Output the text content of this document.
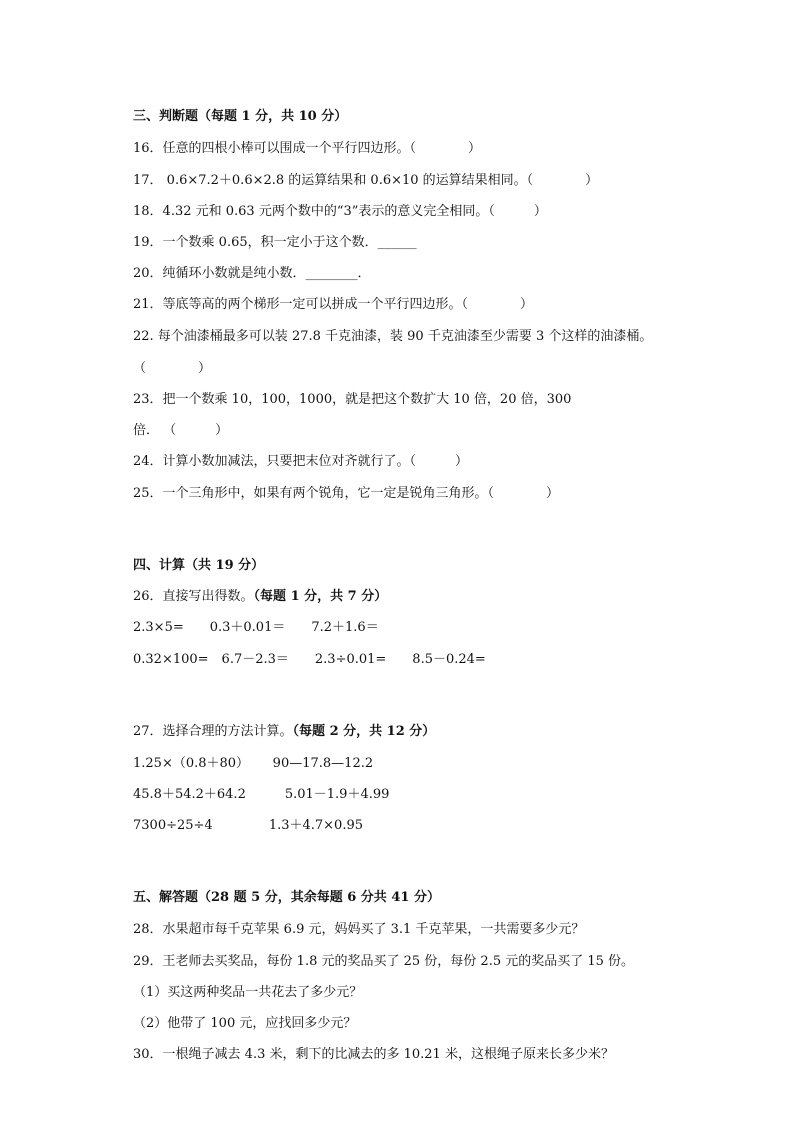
三、判断题（每题 1 分，共 10 分）
16．任意的四根小棒可以围成一个平行四边形。（　　　　）
17． 0.6×7.2＋0.6×2.8 的运算结果和 0.6×10 的运算结果相同。（　　　　）
18．4.32 元和 0.63 元两个数中的“3”表示的意义完全相同。（　　　）
19．一个数乘 0.65，积一定小于这个数．______
20．纯循环小数就是纯小数．________．
21．等底等高的两个梯形一定可以拼成一个平行四边形。（　　　　）
22. 每个油漆桶最多可以装 27.8 千克油漆，装 90 千克油漆至少需要 3 个这样的油漆桶。
（　　　　）
23．把一个数乘 10，100，1000，就是把这个数扩大 10 倍，20 倍，300
倍． （　　　）
24．计算小数加减法，只要把末位对齐就行了。（　　　）
25．一个三角形中，如果有两个锐角，它一定是锐角三角形。（　　　　）
四、计算（共 19 分）
26．直接写出得数。（每题 1 分，共 7 分）
2.3×5=　　0.3＋0.01＝　　7.2＋1.6＝
0.32×100=　6.7－2.3＝　　2.3÷0.01=　　8.5－0.24=
27．选择合理的方法计算。（每题 2 分，共 12 分）
1.25×（0.8＋80）　　 90—17.8—12.2
45.8＋54.2＋64.2　　　5.01－1.9＋4.99
7300÷25÷4　　　　 1.3＋4.7×0.95
五、解答题（28 题 5 分，其余每题 6 分共 41 分）
28．水果超市每千克苹果 6.9 元，妈妈买了 3.1 千克苹果，一共需要多少元？
29．王老师去买奖品，每份 1.8 元的奖品买了 25 份，每份 2.5 元的奖品买了 15 份。
（1）买这两种奖品一共花去了多少元？
（2）他带了 100 元，应找回多少元？
30．一根绳子减去 4.3 米，剩下的比减去的多 10.21 米，这根绳子原来长多少米？
